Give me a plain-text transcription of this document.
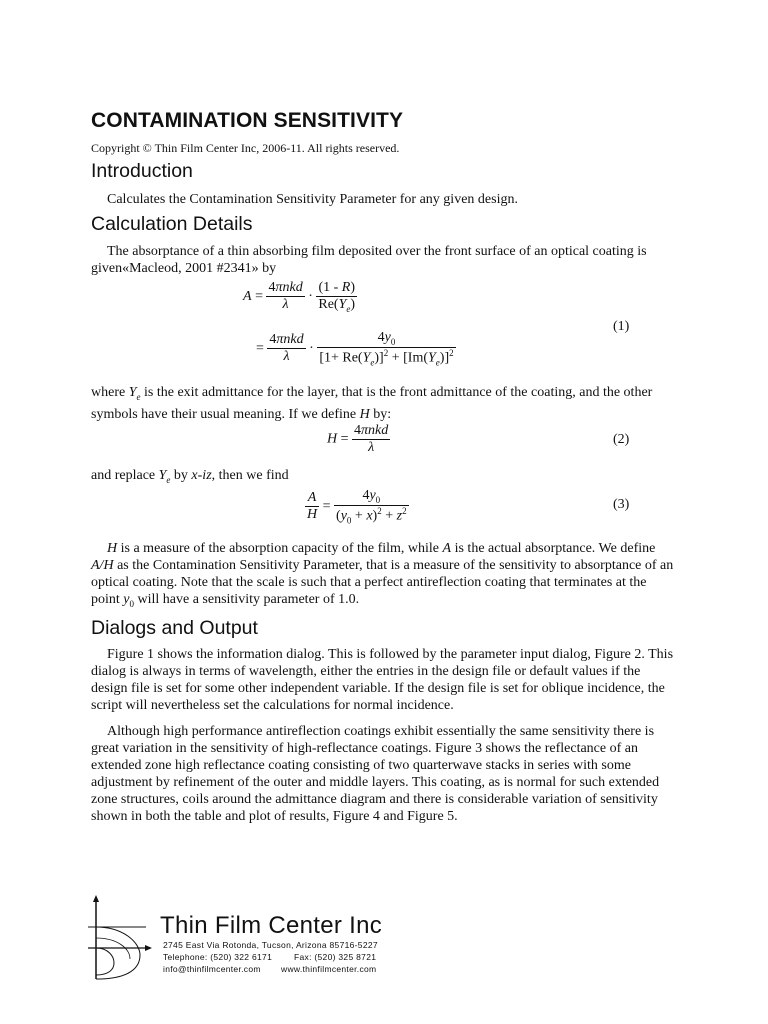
CONTAMINATION SENSITIVITY
Copyright © Thin Film Center Inc, 2006-11. All rights reserved.
Introduction
Calculates the Contamination Sensitivity Parameter for any given design.
Calculation Details
The absorptance of a thin absorbing film deposited over the front surface of an optical coating is given«Macleod, 2001 #2341» by
$A = \frac{\text{4πnkd}}{\lambda} \cdot \frac{(1 - R)}{Re(Y_e)}$
= $\frac{\text{4πnkd}}{\lambda} \cdot \frac{4y_0}{[1+ Re(Y_e)]^2 + [Im(Y_e)]^2}$
(1)
where $Y_e$ is the exit admittance for the layer, that is the front admittance of the coating, and the other symbols have their usual meaning. If we define H by:
$H = \frac{\text{4πnkd}}{\lambda}$	(2)
and replace $Y_e$ by x-iz, then we find
$\frac{A}{H} = \frac{4y_0}{(y_0 + x)^2 + z^2}$	(3)
H is a measure of the absorption capacity of the film, while A is the actual absorptance. We define A/H as the Contamination Sensitivity Parameter, that is a measure of the sensitivity to absorptance of an optical coating. Note that the scale is such that a perfect antireflection coating that terminates at the point $y_0$ will have a sensitivity parameter of 1.0.
Dialogs and Output
Figure 1 shows the information dialog. This is followed by the parameter input dialog, Figure 2. This dialog is always in terms of wavelength, either the entries in the design file or default values if the design file is set for some other independent variable. If the design file is set for oblique incidence, the script will nevertheless set the calculations for normal incidence.
Although high performance antireflection coatings exhibit essentially the same sensitivity there is great variation in the sensitivity of high-reflectance coatings. Figure 3 shows the reflectance of an extended zone high reflectance coating consisting of two quarterwave stacks in series with some adjustment by refinement of the outer and middle layers. This coating, as is normal for such extended zone structures, coils around the admittance diagram and there is considerable variation of sensitivity shown in both the table and plot of results, Figure 4 and Figure 5.
Thin Film Center Inc
2745 East Via Rotonda, Tucson, Arizona 85716-5227
Telephone: (520) 322 6171	Fax: (520) 325 8721
info@thinfilmcenter.com www.thinfilmcenter.com
